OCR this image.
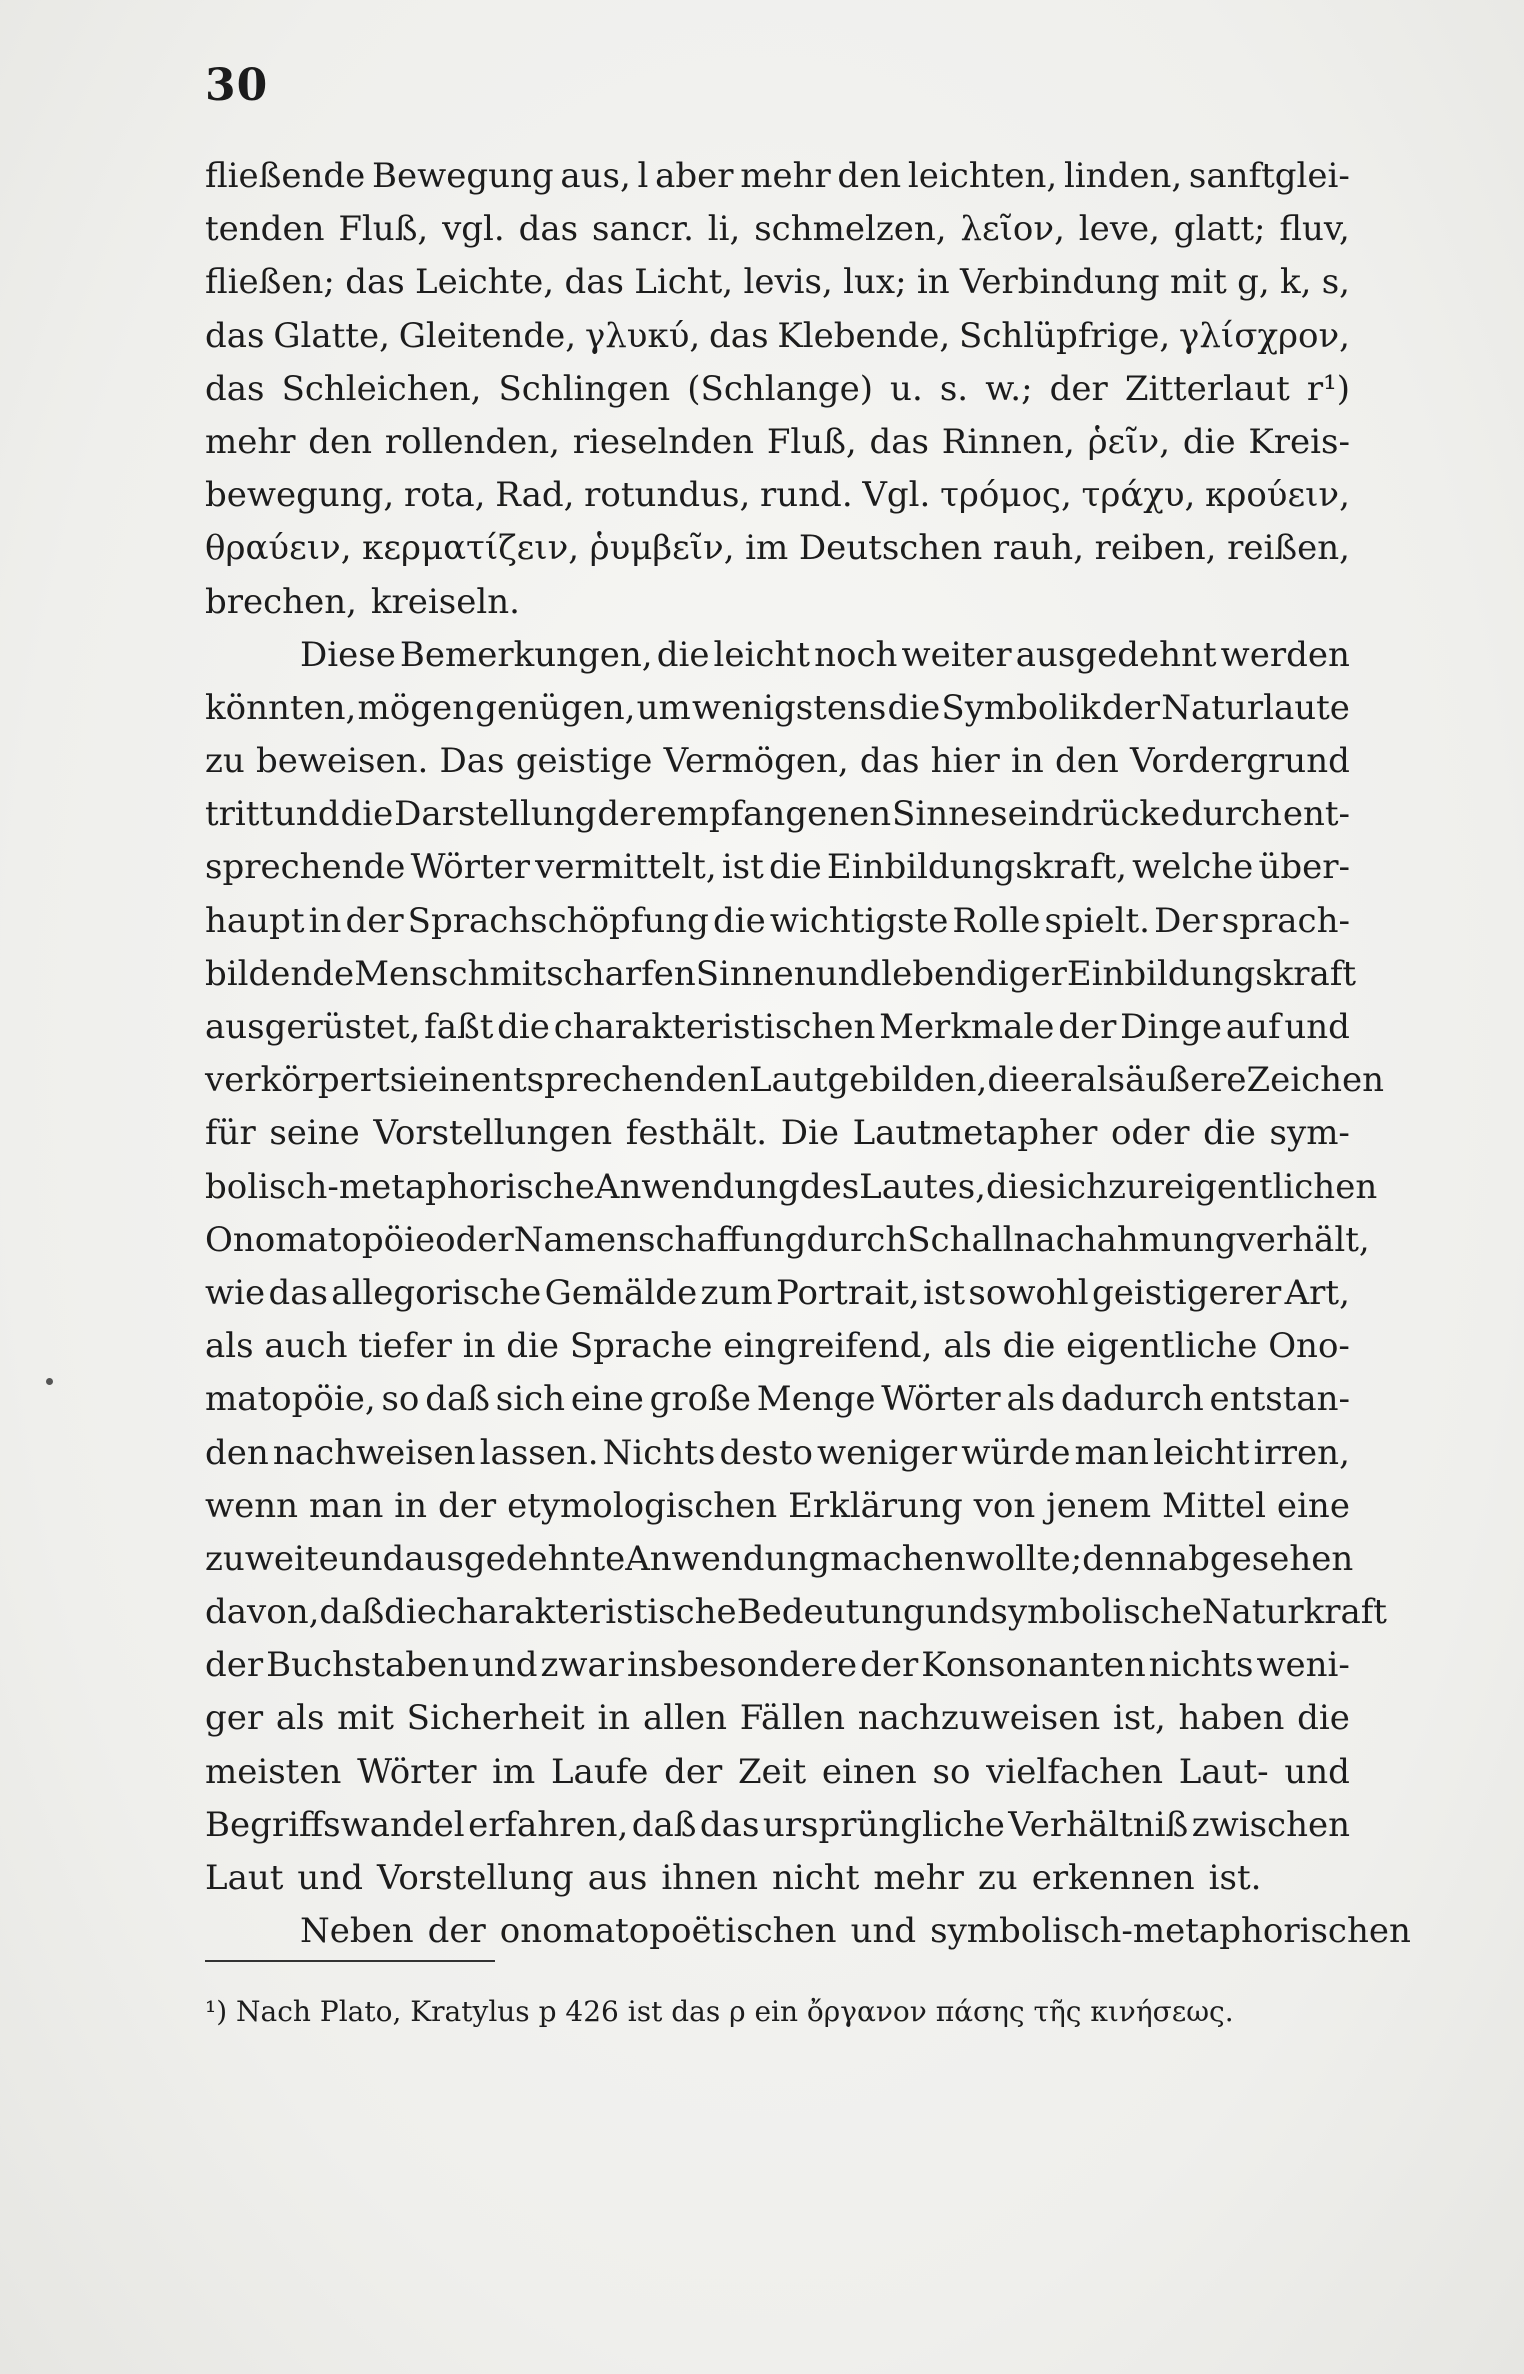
30
fließende Bewegung aus, l aber mehr den leichten, linden, sanftglei-
tenden Fluß, vgl. das sancr. li, schmelzen, λεῖον, leve, glatt; fluv,
fließen; das Leichte, das Licht, levis, lux; in Verbindung mit g, k, s,
das Glatte, Gleitende, γλυκύ, das Klebende, Schlüpfrige, γλίσχρον,
das Schleichen, Schlingen (Schlange) u. s. w.; der Zitterlaut r¹)
mehr den rollenden, rieselnden Fluß, das Rinnen, ῥεῖν, die Kreis-
bewegung, rota, Rad, rotundus, rund. Vgl. τρόμος, τράχυ, κρούειν,
θραύειν, κερματίζειν, ῥυμβεῖν, im Deutschen rauh, reiben, reißen,
brechen, kreiseln.
Diese Bemerkungen, die leicht noch weiter ausgedehnt werden
könnten, mögen genügen, um wenigstens die Symbolik der Naturlaute
zu beweisen. Das geistige Vermögen, das hier in den Vordergrund
tritt und die Darstellung der empfangenen Sinneseindrücke durch ent-
sprechende Wörter vermittelt, ist die Einbildungskraft, welche über-
haupt in der Sprachschöpfung die wichtigste Rolle spielt. Der sprach-
bildende Mensch mit scharfen Sinnen und lebendiger Einbildungskraft
ausgerüstet, faßt die charakteristischen Merkmale der Dinge auf und
verkörpert sie in entsprechenden Lautgebilden, die er als äußere Zeichen
für seine Vorstellungen festhält. Die Lautmetapher oder die sym-
bolisch-metaphorische Anwendung des Lautes, die sich zur eigentlichen
Onomatopöie oder Namenschaffung durch Schallnachahmung verhält,
wie das allegorische Gemälde zum Portrait, ist sowohl geistigerer Art,
als auch tiefer in die Sprache eingreifend, als die eigentliche Ono-
matopöie, so daß sich eine große Menge Wörter als dadurch entstan-
den nachweisen lassen. Nichts desto weniger würde man leicht irren,
wenn man in der etymologischen Erklärung von jenem Mittel eine
zu weite und ausgedehnte Anwendung machen wollte; denn abgesehen
davon, daß die charakteristische Bedeutung und symbolische Naturkraft
der Buchstaben und zwar insbesondere der Konsonanten nichts weni-
ger als mit Sicherheit in allen Fällen nachzuweisen ist, haben die
meisten Wörter im Laufe der Zeit einen so vielfachen Laut- und
Begriffswandel erfahren, daß das ursprüngliche Verhältniß zwischen
Laut und Vorstellung aus ihnen nicht mehr zu erkennen ist.
Neben der onomatopoëtischen und symbolisch-metaphorischen
¹) Nach Plato, Kratylus p 426 ist das ρ ein ὄργανον πάσης τῆς κινήσεως.
